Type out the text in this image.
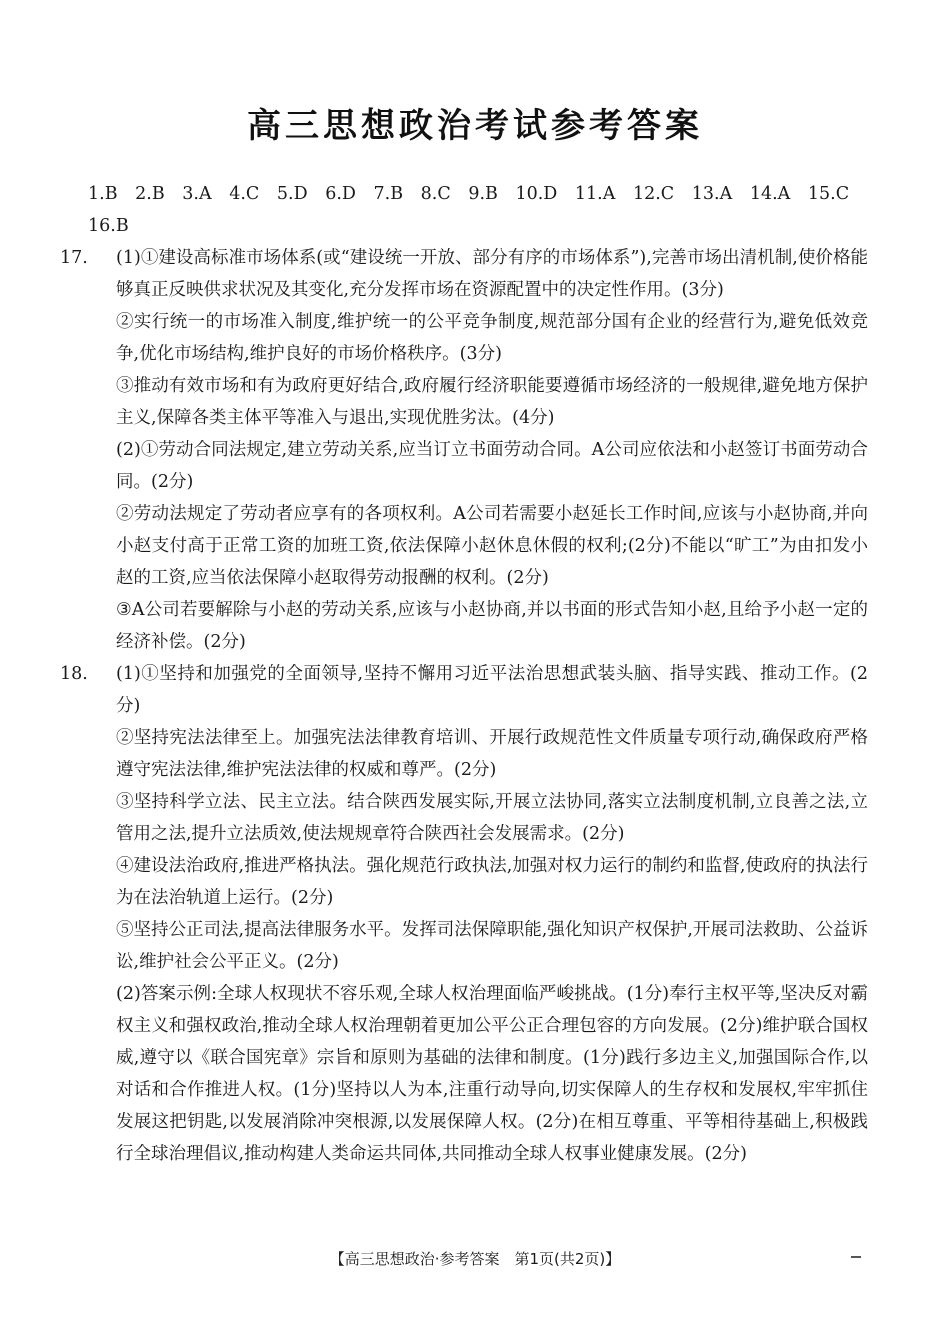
高三思想政治考试参考答案

1.B 2.B 3.A 4.C 5.D 6.D 7.B 8.C 9.B 10.D 11.A 12.C 13.A 14.A 15.C 16.B

17. (1)①建设高标准市场体系(或“建设统一开放、部分有序的市场体系”),完善市场出清机制,使价格能够真正反映供求状况及其变化,充分发挥市场在资源配置中的决定性作用。(3分)

②实行统一的市场准入制度,维护统一的公平竞争制度,规范部分国有企业的经营行为,避免低效竞争,优化市场结构,维护良好的市场价格秩序。(3分)

③推动有效市场和有为政府更好结合,政府履行经济职能要遵循市场经济的一般规律,避免地方保护主义,保障各类主体平等准入与退出,实现优胜劣汰。(4分)

(2)①劳动合同法规定,建立劳动关系,应当订立书面劳动合同。A公司应依法和小赵签订书面劳动合同。(2分)

②劳动法规定了劳动者应享有的各项权利。A公司若需要小赵延长工作时间,应该与小赵协商,并向小赵支付高于正常工资的加班工资,依法保障小赵休息休假的权利;(2分)不能以“旷工”为由扣发小赵的工资,应当依法保障小赵取得劳动报酬的权利。(2分)

③A公司若要解除与小赵的劳动关系,应该与小赵协商,并以书面的形式告知小赵,且给予小赵一定的经济补偿。(2分)

18. (1)①坚持和加强党的全面领导,坚持不懈用习近平法治思想武装头脑、指导实践、推动工作。(2分)

②坚持宪法法律至上。加强宪法法律教育培训、开展行政规范性文件质量专项行动,确保政府严格遵守宪法法律,维护宪法法律的权威和尊严。(2分)

③坚持科学立法、民主立法。结合陕西发展实际,开展立法协同,落实立法制度机制,立良善之法,立管用之法,提升立法质效,使法规规章符合陕西社会发展需求。(2分)

④建设法治政府,推进严格执法。强化规范行政执法,加强对权力运行的制约和监督,使政府的执法行为在法治轨道上运行。(2分)

⑤坚持公正司法,提高法律服务水平。发挥司法保障职能,强化知识产权保护,开展司法救助、公益诉讼,维护社会公平正义。(2分)

(2)答案示例:全球人权现状不容乐观,全球人权治理面临严峻挑战。(1分)奉行主权平等,坚决反对霸权主义和强权政治,推动全球人权治理朝着更加公平公正合理包容的方向发展。(2分)维护联合国权威,遵守以《联合国宪章》宗旨和原则为基础的法律和制度。(1分)践行多边主义,加强国际合作,以对话和合作推进人权。(1分)坚持以人为本,注重行动导向,切实保障人的生存权和发展权,牢牢抓住发展这把钥匙,以发展消除冲突根源,以发展保障人权。(2分)在相互尊重、平等相待基础上,积极践行全球治理倡议,推动构建人类命运共同体,共同推动全球人权事业健康发展。(2分)

【高三思想政治·参考答案　第1页(共2页)】
